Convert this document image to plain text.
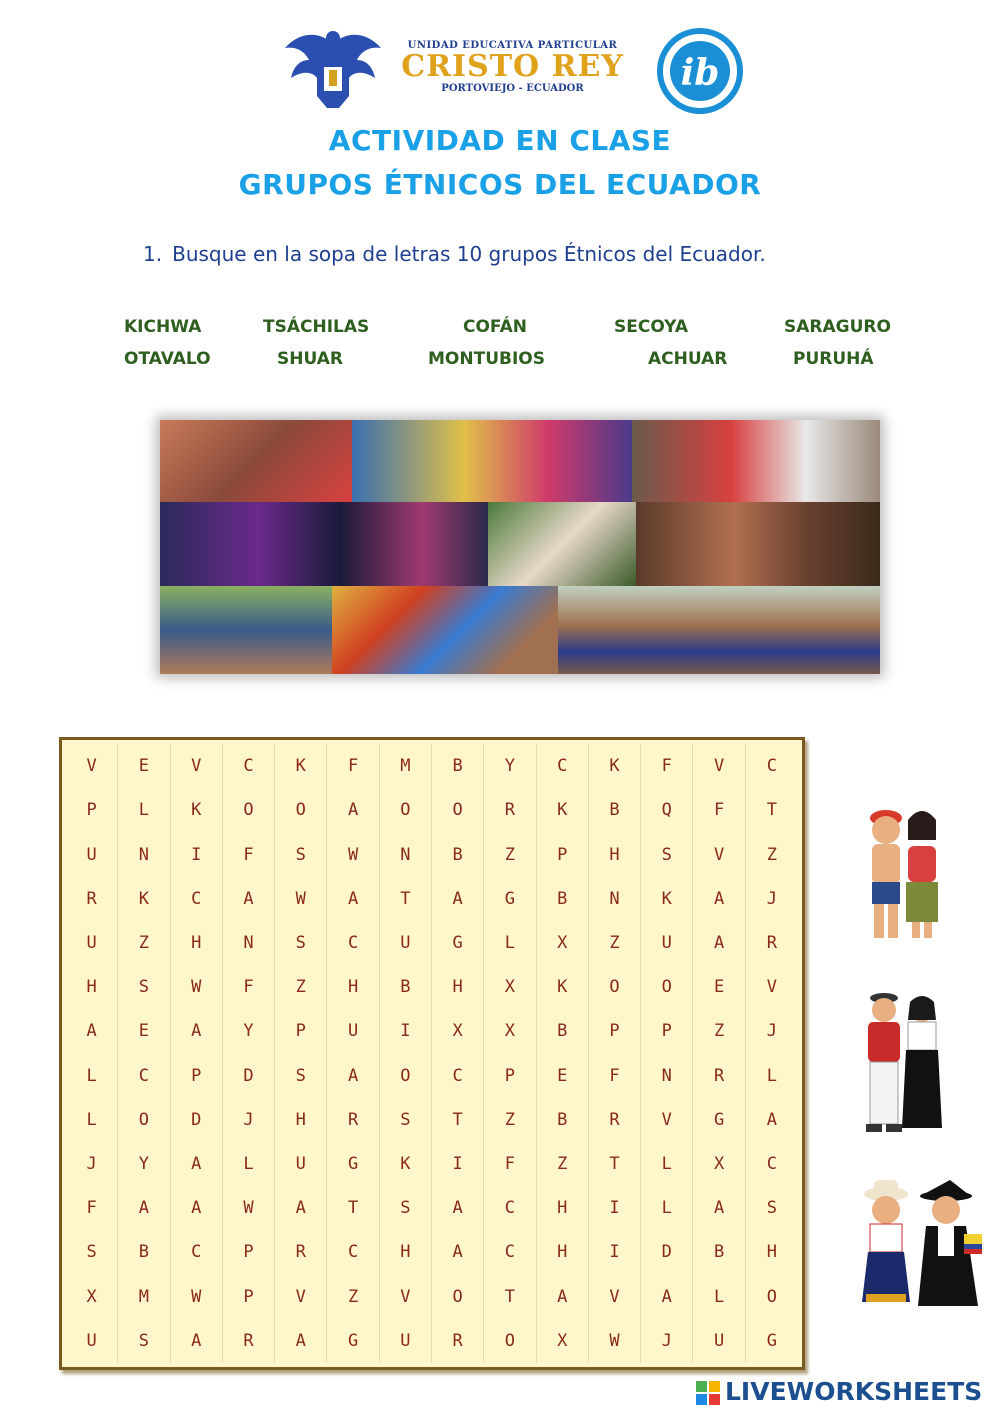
UNIDAD EDUCATIVA PARTICULAR
CRISTO REY
PORTOVIEJO - ECUADOR	ib
ACTIVIDAD EN CLASE
GRUPOS ÉTNICOS DEL ECUADOR
1. Busque en la sopa de letras 10 grupos Étnicos del Ecuador.
KICHWA	TSÁCHILAS	COFÁN	SECOYA	SARAGURO
OTAVALO	SHUAR	MONTUBIOS	ACHUAR	PURUHÁ
V	E	V	C	K	F	M	B	Y	C	K	F	V	C
P	L	K	O	O	A	O	O	R	K	B	Q	F	T
U	N	I	F	S	W	N	B	Z	P	H	S	V	Z
R	K	C	A	W	A	T	A	G	B	N	K	A	J
U	Z	H	N	S	C	U	G	L	X	Z	U	A	R
H	S	W	F	Z	H	B	H	X	K	O	O	E	V
A	E	A	Y	P	U	I	X	X	B	P	P	Z	J
L	C	P	D	S	A	O	C	P	E	F	N	R	L
L	O	D	J	H	R	S	T	Z	B	R	V	G	A
J	Y	A	L	U	G	K	I	F	Z	T	L	X	C
F	A	A	W	A	T	S	A	C	H	I	L	A	S
S	B	C	P	R	C	H	A	C	H	I	D	B	H
X	M	W	P	V	Z	V	O	T	A	V	A	L	O
U	S	A	R	A	G	U	R	O	X	W	J	U	G
LIVEWORKSHEETS
